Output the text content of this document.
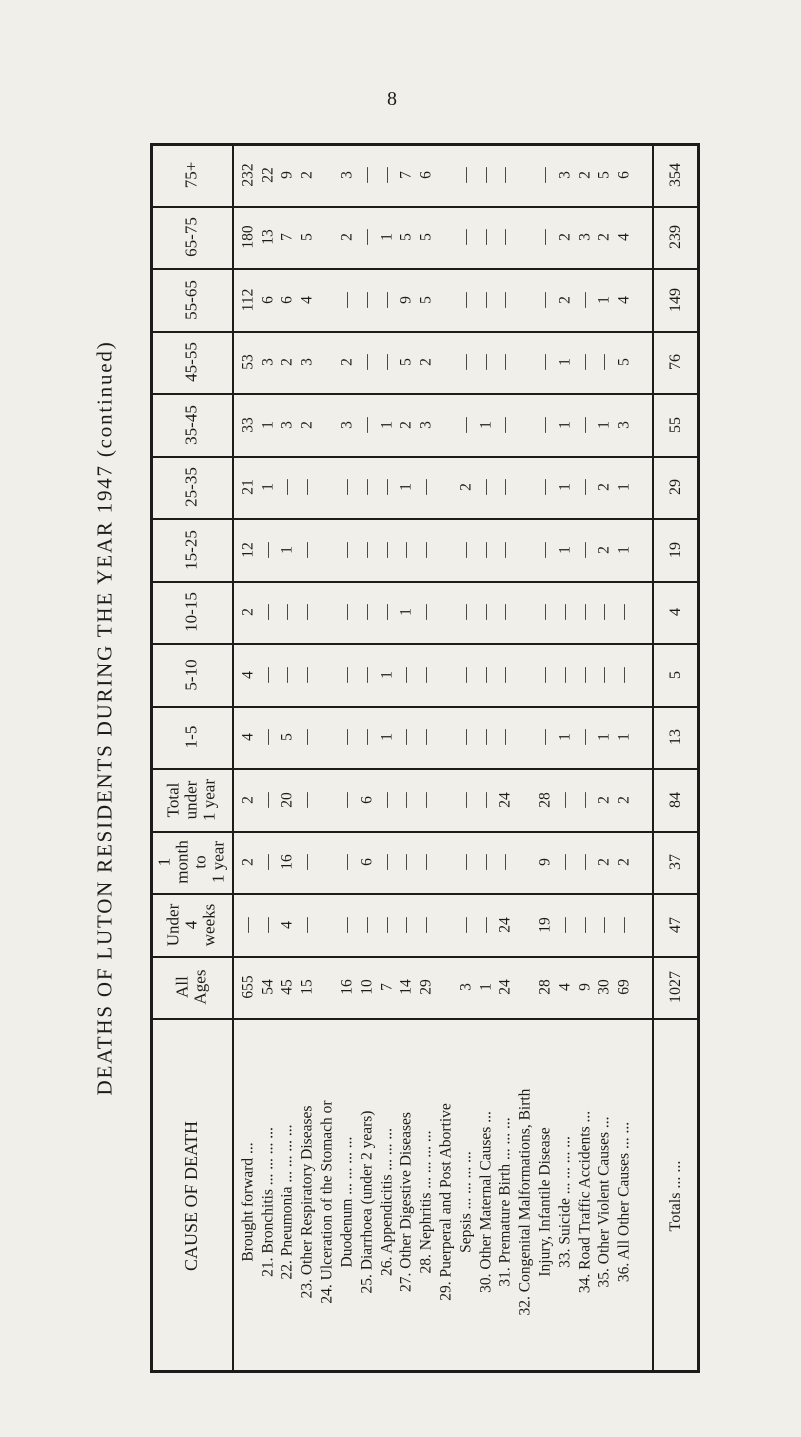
8
DEATHS OF LUTON RESIDENTS DURING THE YEAR 1947 (continued)	All Ages
Under 4 weeks
1 month to 1 year
Total under 1 year
1-5
5-10
10-15
15-25
25-35
35-45
45-55
55-65
65-75
75+
CAUSE OF DEATH Brought forward ...
655
—
2
2
4
4
2
12
21
33
53
112
180
232
21. Bronchitis ... ... ... ...
54
—
—
—
—
—
—
—
1
1
3
6
13
22
22. Pneumonia ... ... ... ...
45
4
16
20
5
—
—
1
—
3
2
6
7
9
23. Other Respiratory Diseases
15
—
—
—
—
—
—
—
—
2
3
4
5
2
24. Ulceration of the Stomach or Duodenum ... ... ... ...
16
—
—
—
—
—
—
—
—
3
2
—
2
3
25. Diarrhoea (under 2 years)
10
—
6
6
—
—
—
—
—
—
—
—
—
—
26. Appendicitis ... ... ...
7
—
—
—
1
1
—
—
—
1
—
—
1
—
27. Other Digestive Diseases
14
—
—
—
—
—
1
—
1
2
5
9
5
7
28. Nephritis ... ... ... ...
29
—
—
—
—
—
—
—
—
3
2
5
5
6
29. Puerperal and Post Abortive Sepsis ... ... ... ...
3
—
—
—
—
—
—
—
2
—
—
—
—
—
30. Other Maternal Causes ...
1
—
—
—
—
—
—
—
—
1
—
—
—
—
31. Premature Birth ... ... ...
24
24
—
24
—
—
—
—
—
—
—
—
—
—
32. Congenital Malformations, Birth Injury, Infantile Disease
28
19
9
28
—
—
—
—
—
—
—
—
—
—
33. Suicide ... ... ... ...
4
—
—
—
1
—
—
1
1
1
1
2
2
3
34. Road Traffic Accidents ...
9
—
—
—
—
—
—
—
—
—
—
—
3
2
35. Other Violent Causes ...
30
—
2
2
1
—
—
2
2
1
—
1
2
5
36. All Other Causes ... ...
69
—
2
2
1
—
—
1
1
3
5
4
4
6
Totals ... ...
1027
47
37
84
13
5
4
19
29
55
76
149
239
354
